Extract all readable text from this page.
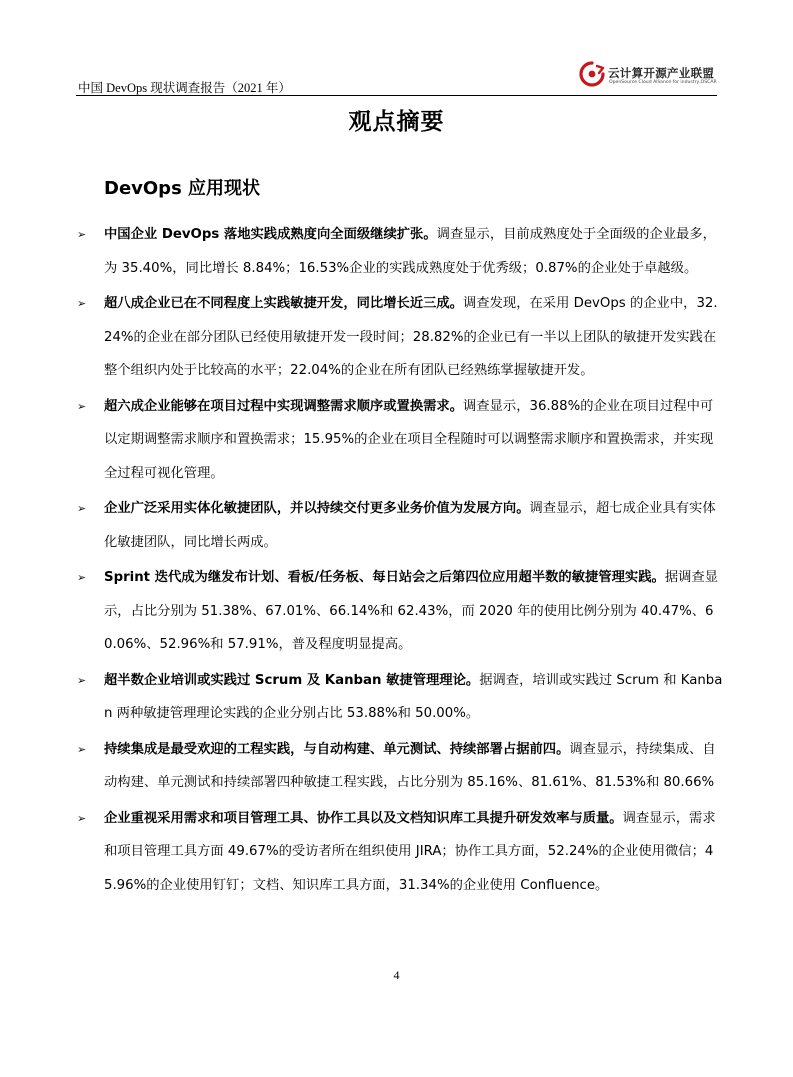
中国 DevOps 现状调查报告（2021 年）
云计算开源产业联盟
OpenSource Cloud Alliance for industry,OSCAR
观点摘要
DevOps 应用现状
➢	中国企业 DevOps 落地实践成熟度向全面级继续扩张。调查显示，目前成熟度处于全面级的企业最多，为 35.40%，同比增长 8.84%；16.53%企业的实践成熟度处于优秀级；0.87%的企业处于卓越级。
➢	超八成企业已在不同程度上实践敏捷开发，同比增长近三成。调查发现，在采用 DevOps 的企业中，32.24%的企业在部分团队已经使用敏捷开发一段时间；28.82%的企业已有一半以上团队的敏捷开发实践在整个组织内处于比较高的水平；22.04%的企业在所有团队已经熟练掌握敏捷开发。
➢	超六成企业能够在项目过程中实现调整需求顺序或置换需求。调查显示，36.88%的企业在项目过程中可以定期调整需求顺序和置换需求；15.95%的企业在项目全程随时可以调整需求顺序和置换需求，并实现全过程可视化管理。
➢	企业广泛采用实体化敏捷团队，并以持续交付更多业务价值为发展方向。调查显示，超七成企业具有实体化敏捷团队，同比增长两成。
➢	Sprint 迭代成为继发布计划、看板/任务板、每日站会之后第四位应用超半数的敏捷管理实践。据调查显示，占比分别为 51.38%、67.01%、66.14%和 62.43%，而 2020 年的使用比例分别为 40.47%、60.06%、52.96%和 57.91%，普及程度明显提高。
➢	超半数企业培训或实践过 Scrum 及 Kanban 敏捷管理理论。据调查，培训或实践过 Scrum 和 Kanban 两种敏捷管理理论实践的企业分别占比 53.88%和 50.00%。
➢	持续集成是最受欢迎的工程实践，与自动构建、单元测试、持续部署占据前四。调查显示，持续集成、自动构建、单元测试和持续部署四种敏捷工程实践，占比分别为 85.16%、81.61%、81.53%和 80.66%
➢	企业重视采用需求和项目管理工具、协作工具以及文档知识库工具提升研发效率与质量。调查显示，需求和项目管理工具方面 49.67%的受访者所在组织使用 JIRA；协作工具方面，52.24%的企业使用微信；45.96%的企业使用钉钉；文档、知识库工具方面，31.34%的企业使用 Confluence。
4
